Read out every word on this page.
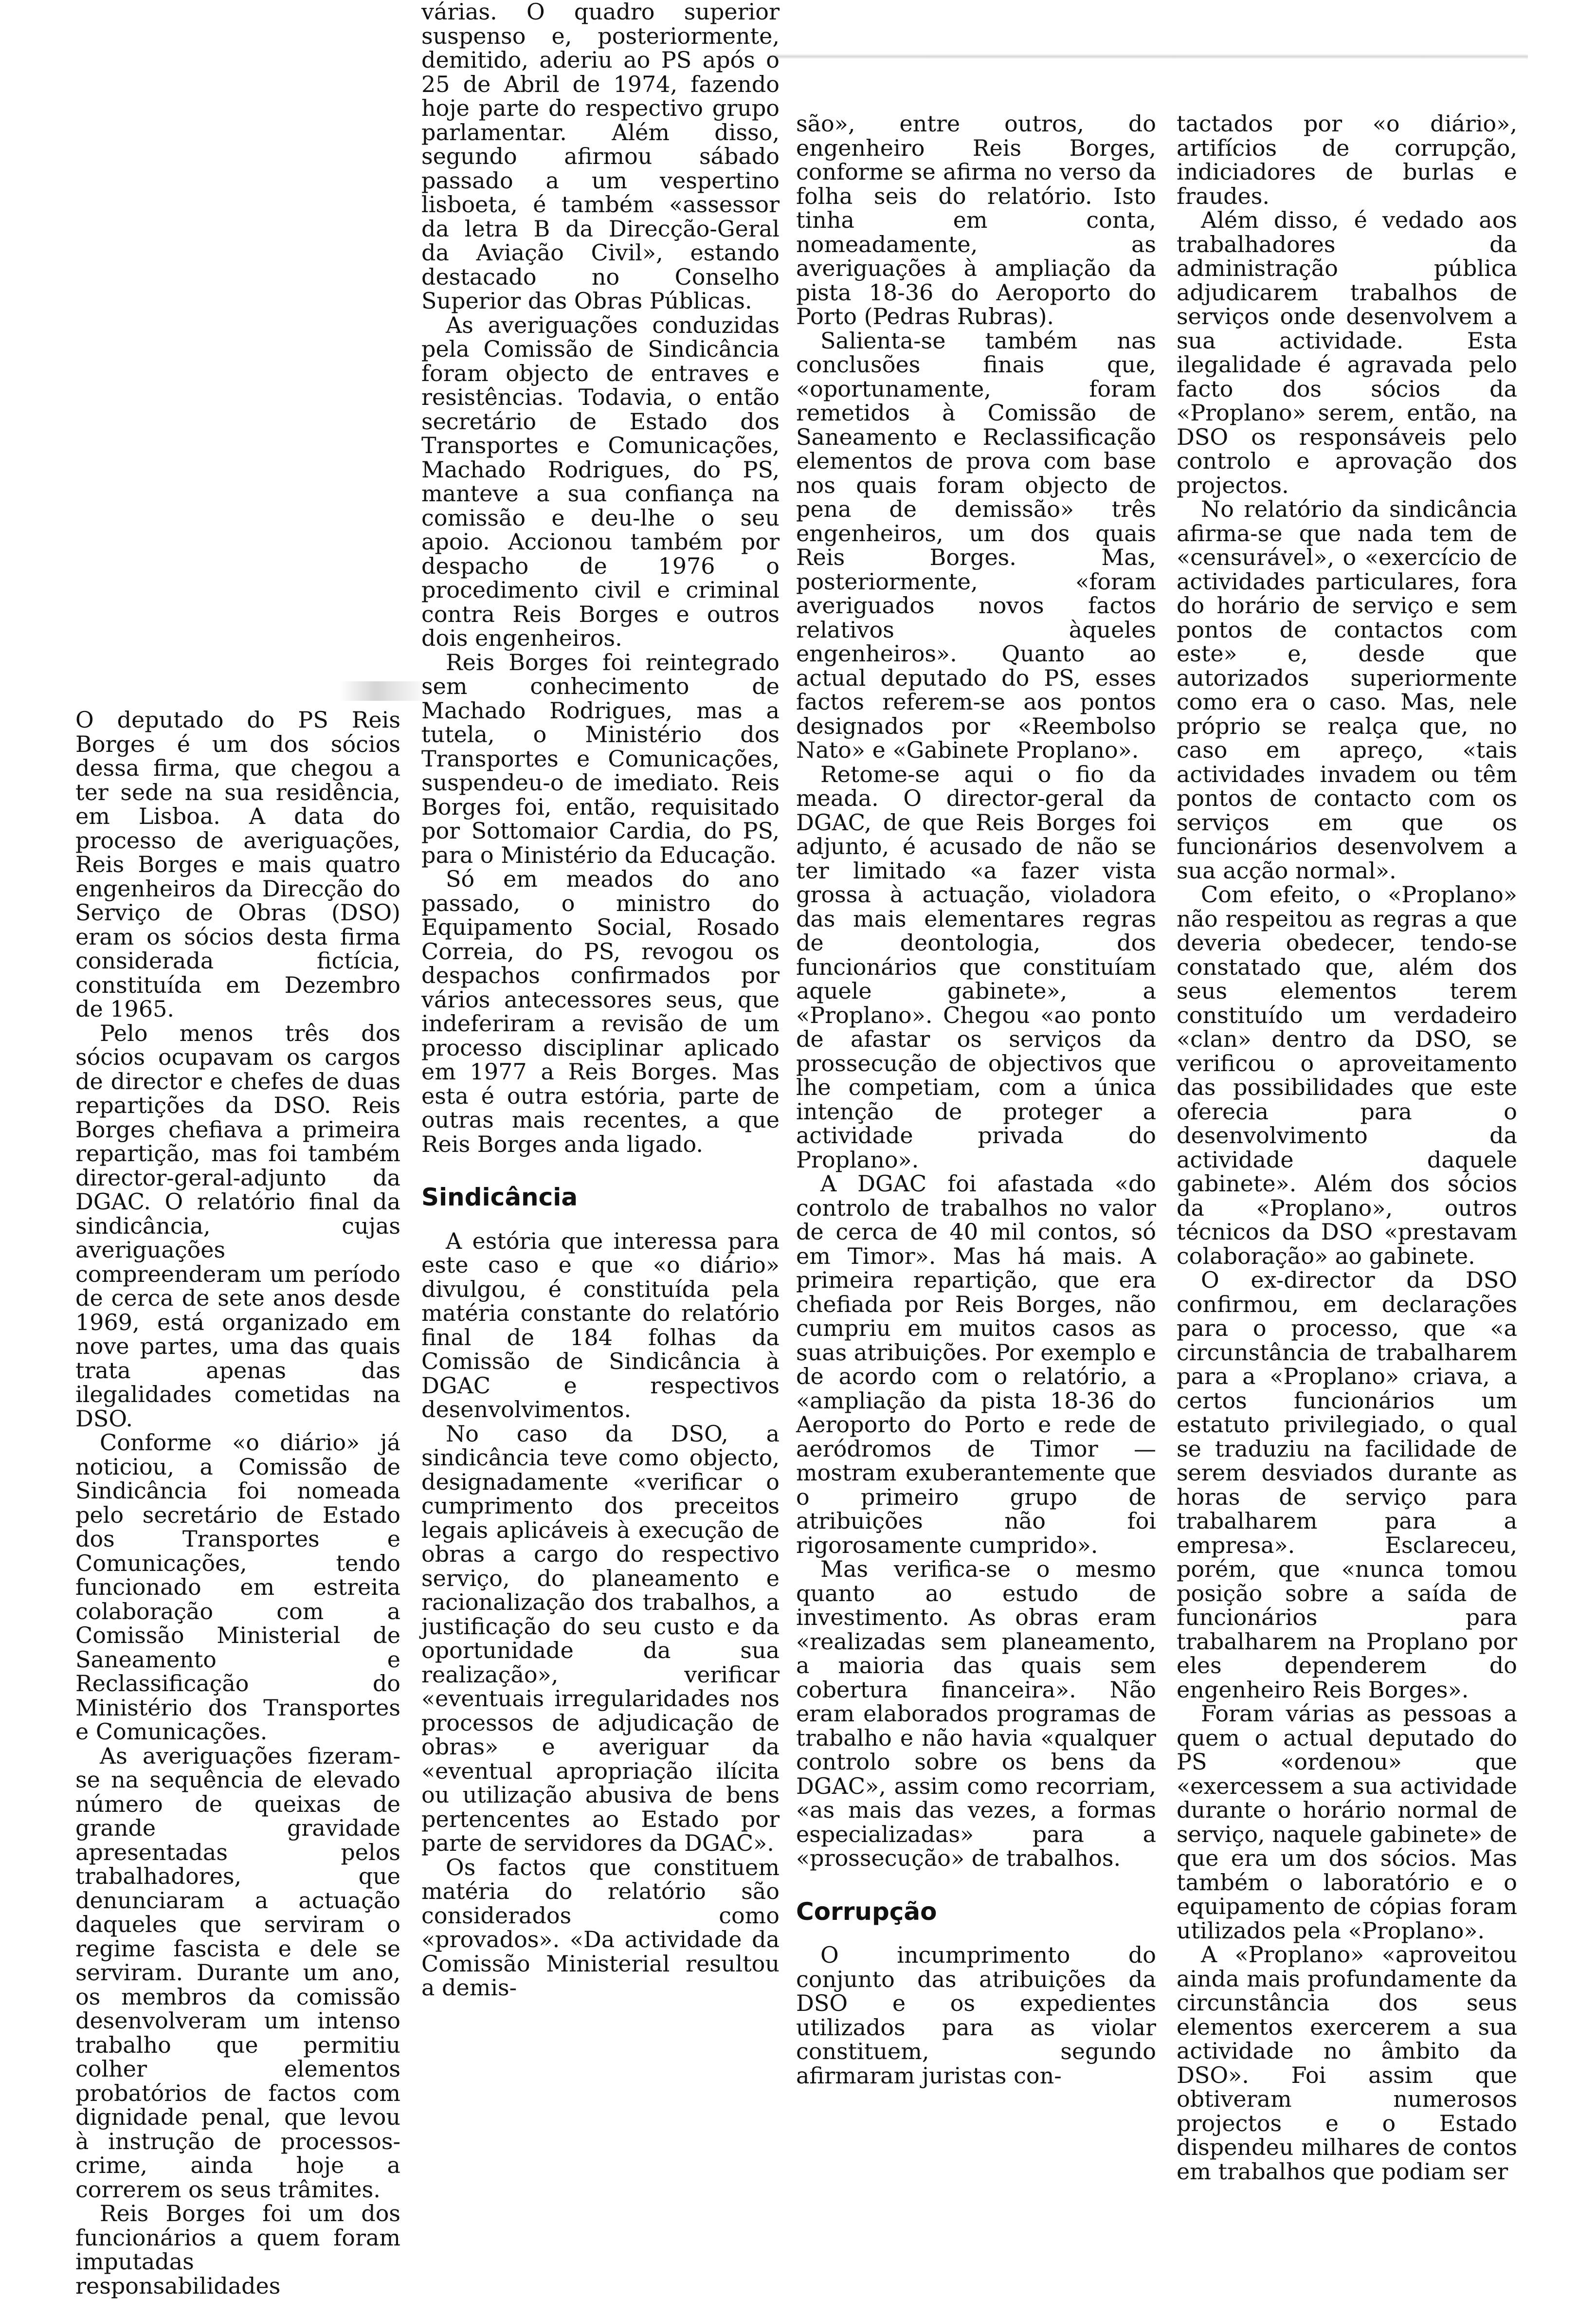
O deputado do PS Reis Borges é um dos sócios dessa firma, que chegou a ter sede na sua residência, em Lisboa. A data do processo de averiguações, Reis Borges e mais quatro engenheiros da Direcção do Serviço de Obras (DSO) eram os sócios desta firma considerada fictícia, constituída em Dezembro de 1965.

Pelo menos três dos sócios ocupavam os cargos de director e chefes de duas repartições da DSO. Reis Borges chefiava a primeira repartição, mas foi também director-geral-adjunto da DGAC. O relatório final da sindicância, cujas averiguações compreenderam um período de cerca de sete anos desde 1969, está organizado em nove partes, uma das quais trata apenas das ilegalidades cometidas na DSO.

Conforme «o diário» já noticiou, a Comissão de Sindicância foi nomeada pelo secretário de Estado dos Transportes e Comunicações, tendo funcionado em estreita colaboração com a Comissão Ministerial de Saneamento e Reclassificação do Ministério dos Transportes e Comunicações.

As averiguações fizeram-se na sequência de elevado número de queixas de grande gravidade apresentadas pelos trabalhadores, que denunciaram a actuação daqueles que serviram o regime fascista e dele se serviram. Durante um ano, os membros da comissão desenvolveram um intenso trabalho que permitiu colher elementos probatórios de factos com dignidade penal, que levou à instrução de processos-crime, ainda hoje a correrem os seus trâmites.

Reis Borges foi um dos funcionários a quem foram imputadas responsabilidades

várias. O quadro superior suspenso e, posteriormente, demitido, aderiu ao PS após o 25 de Abril de 1974, fazendo hoje parte do respectivo grupo parlamentar. Além disso, segundo afirmou sábado passado a um vespertino lisboeta, é também «assessor da letra B da Direcção-Geral da Aviação Civil», estando destacado no Conselho Superior das Obras Públicas.

As averiguações conduzidas pela Comissão de Sindicância foram objecto de entraves e resistências. Todavia, o então secretário de Estado dos Transportes e Comunicações, Machado Rodrigues, do PS, manteve a sua confiança na comissão e deu-lhe o seu apoio. Accionou também por despacho de 1976 o procedimento civil e criminal contra Reis Borges e outros dois engenheiros.

Reis Borges foi reintegrado sem conhecimento de Machado Rodrigues, mas a tutela, o Ministério dos Transportes e Comunicações, suspendeu-o de imediato. Reis Borges foi, então, requisitado por Sottomaior Cardia, do PS, para o Ministério da Educação.

Só em meados do ano passado, o ministro do Equipamento Social, Rosado Correia, do PS, revogou os despachos confirmados por vários antecessores seus, que indeferiram a revisão de um processo disciplinar aplicado em 1977 a Reis Borges. Mas esta é outra estória, parte de outras mais recentes, a que Reis Borges anda ligado.

Sindicância

A estória que interessa para este caso e que «o diário» divulgou, é constituída pela matéria constante do relatório final de 184 folhas da Comissão de Sindicância à DGAC e respectivos desenvolvimentos.

No caso da DSO, a sindicância teve como objecto, designadamente «verificar o cumprimento dos preceitos legais aplicáveis à execução de obras a cargo do respectivo serviço, do planeamento e racionalização dos trabalhos, a justificação do seu custo e da oportunidade da sua realização», verificar «eventuais irregularidades nos processos de adjudicação de obras» e averiguar da «eventual apropriação ilícita ou utilização abusiva de bens pertencentes ao Estado por parte de servidores da DGAC».

Os factos que constituem matéria do relatório são considerados como «provados». «Da actividade da Comissão Ministerial resultou a demis-

são», entre outros, do engenheiro Reis Borges, conforme se afirma no verso da folha seis do relatório. Isto tinha em conta, nomeadamente, as averiguações à ampliação da pista 18-36 do Aeroporto do Porto (Pedras Rubras).

Salienta-se também nas conclusões finais que, «oportunamente, foram remetidos à Comissão de Saneamento e Reclassificação elementos de prova com base nos quais foram objecto de pena de demissão» três engenheiros, um dos quais Reis Borges. Mas, posteriormente, «foram averiguados novos factos relativos àqueles engenheiros». Quanto ao actual deputado do PS, esses factos referem-se aos pontos designados por «Reembolso Nato» e «Gabinete Proplano».

Retome-se aqui o fio da meada. O director-geral da DGAC, de que Reis Borges foi adjunto, é acusado de não se ter limitado «a fazer vista grossa à actuação, violadora das mais elementares regras de deontologia, dos funcionários que constituíam aquele gabinete», a «Proplano». Chegou «ao ponto de afastar os serviços da prossecução de objectivos que lhe competiam, com a única intenção de proteger a actividade privada do Proplano».

A DGAC foi afastada «do controlo de trabalhos no valor de cerca de 40 mil contos, só em Timor». Mas há mais. A primeira repartição, que era chefiada por Reis Borges, não cumpriu em muitos casos as suas atribuições. Por exemplo e de acordo com o relatório, a «ampliação da pista 18-36 do Aeroporto do Porto e rede de aeródromos de Timor — mostram exuberantemente que o primeiro grupo de atribuições não foi rigorosamente cumprido».

Mas verifica-se o mesmo quanto ao estudo de investimento. As obras eram «realizadas sem planeamento, a maioria das quais sem cobertura financeira». Não eram elaborados programas de trabalho e não havia «qualquer controlo sobre os bens da DGAC», assim como recorriam, «as mais das vezes, a formas especializadas» para a «prossecução» de trabalhos.

Corrupção

O incumprimento do conjunto das atribuições da DSO e os expedientes utilizados para as violar constituem, segundo afirmaram juristas con-

tactados por «o diário», artifícios de corrupção, indiciadores de burlas e fraudes.

Além disso, é vedado aos trabalhadores da administração pública adjudicarem trabalhos de serviços onde desenvolvem a sua actividade. Esta ilegalidade é agravada pelo facto dos sócios da «Proplano» serem, então, na DSO os responsáveis pelo controlo e aprovação dos projectos.

No relatório da sindicância afirma-se que nada tem de «censurável», o «exercício de actividades particulares, fora do horário de serviço e sem pontos de contactos com este» e, desde que autorizados superiormente como era o caso. Mas, nele próprio se realça que, no caso em apreço, «tais actividades invadem ou têm pontos de contacto com os serviços em que os funcionários desenvolvem a sua acção normal».

Com efeito, o «Proplano» não respeitou as regras a que deveria obedecer, tendo-se constatado que, além dos seus elementos terem constituído um verdadeiro «clan» dentro da DSO, se verificou o aproveitamento das possibilidades que este oferecia para o desenvolvimento da actividade daquele gabinete». Além dos sócios da «Proplano», outros técnicos da DSO «prestavam colaboração» ao gabinete.

O ex-director da DSO confirmou, em declarações para o processo, que «a circunstância de trabalharem para a «Proplano» criava, a certos funcionários um estatuto privilegiado, o qual se traduziu na facilidade de serem desviados durante as horas de serviço para trabalharem para a empresa». Esclareceu, porém, que «nunca tomou posição sobre a saída de funcionários para trabalharem na Proplano por eles dependerem do engenheiro Reis Borges».

Foram várias as pessoas a quem o actual deputado do PS «ordenou» que «exercessem a sua actividade durante o horário normal de serviço, naquele gabinete» de que era um dos sócios. Mas também o laboratório e o equipamento de cópias foram utilizados pela «Proplano».

A «Proplano» «aproveitou ainda mais profundamente da circunstância dos seus elementos exercerem a sua actividade no âmbito da DSO». Foi assim que obtiveram numerosos projectos e o Estado dispendeu milhares de contos em trabalhos que podiam ser
